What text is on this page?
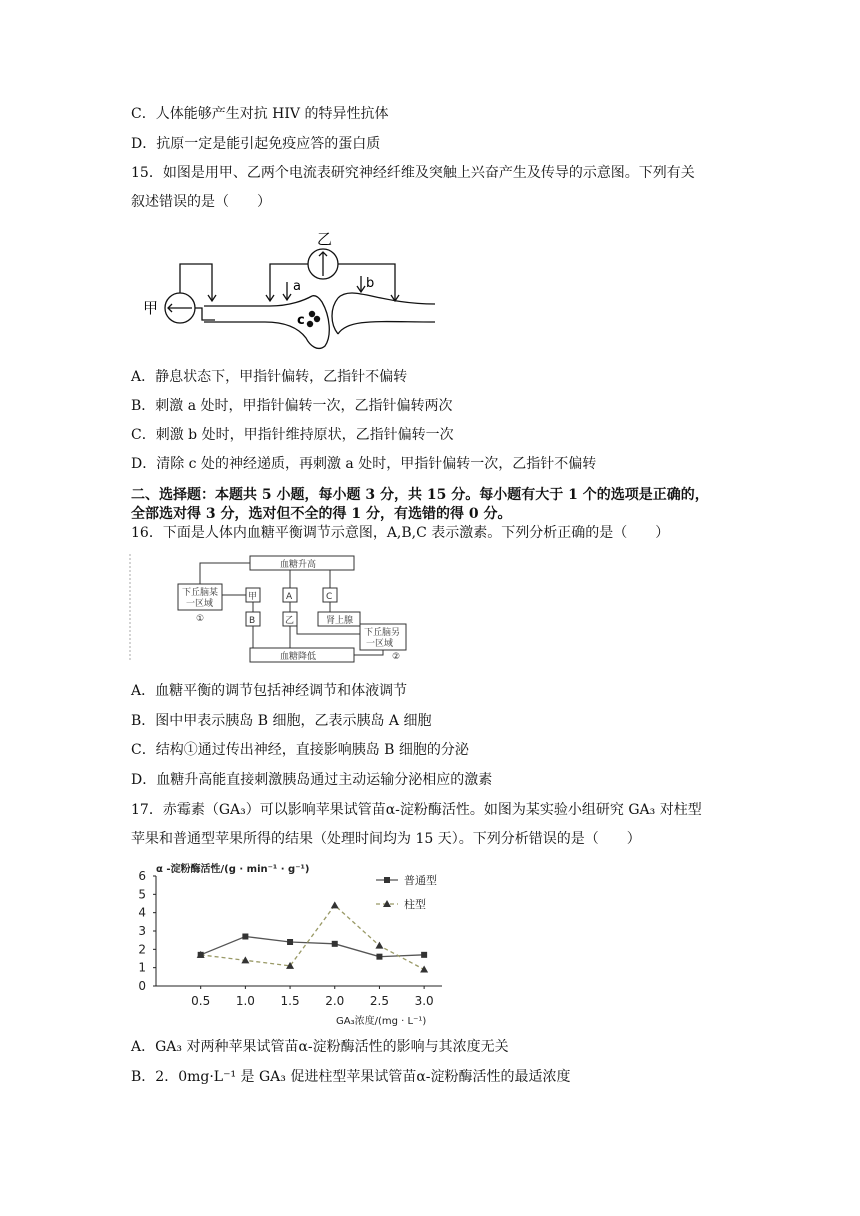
C．人体能够产生对抗 HIV 的特异性抗体
D．抗原一定是能引起免疫应答的蛋白质
15．如图是用甲、乙两个电流表研究神经纤维及突触上兴奋产生及传导的示意图。下列有关
叙述错误的是（　　）
甲
乙
a	b
c
A．静息状态下，甲指针偏转，乙指针不偏转
B．刺激 a 处时，甲指针偏转一次，乙指针偏转两次
C．刺激 b 处时，甲指针维持原状，乙指针偏转一次
D．清除 c 处的神经递质，再刺激 a 处时，甲指针偏转一次，乙指针不偏转
二、选择题：本题共 5 小题，每小题 3 分，共 15 分。每小题有大于 1 个的选项是正确的，
全部选对得 3 分，选对但不全的得 1 分，有选错的得 0 分。
16．下面是人体内血糖平衡调节示意图，A,B,C 表示激素。下列分析正确的是（　　）
血糖升高
血糖降低
下丘脑某
一区域
①
甲
B
A
乙
C
肾上腺
下丘脑另
一区域
②
A．血糖平衡的调节包括神经调节和体液调节
B．图中甲表示胰岛 B 细胞，乙表示胰岛 A 细胞
C．结构①通过传出神经，直接影响胰岛 B 细胞的分泌
D．血糖升高能直接刺激胰岛通过主动运输分泌相应的激素
17．赤霉素（GA₃）可以影响苹果试管苗α-淀粉酶活性。如图为某实验小组研究 GA₃ 对柱型
苹果和普通型苹果所得的结果（处理时间均为 15 天）。下列分析错误的是（　　）
0
1
2
3
4
5
6
0.5 1.0 1.5 2.0 2.5 3.0
α -淀粉酶活性/(g · min⁻¹ · g⁻¹)
GA₃浓度/(mg · L⁻¹)
普通型
柱型
A．GA₃ 对两种苹果试管苗α-淀粉酶活性的影响与其浓度无关
B．2．0mg·L⁻¹ 是 GA₃ 促进柱型苹果试管苗α-淀粉酶活性的最适浓度
